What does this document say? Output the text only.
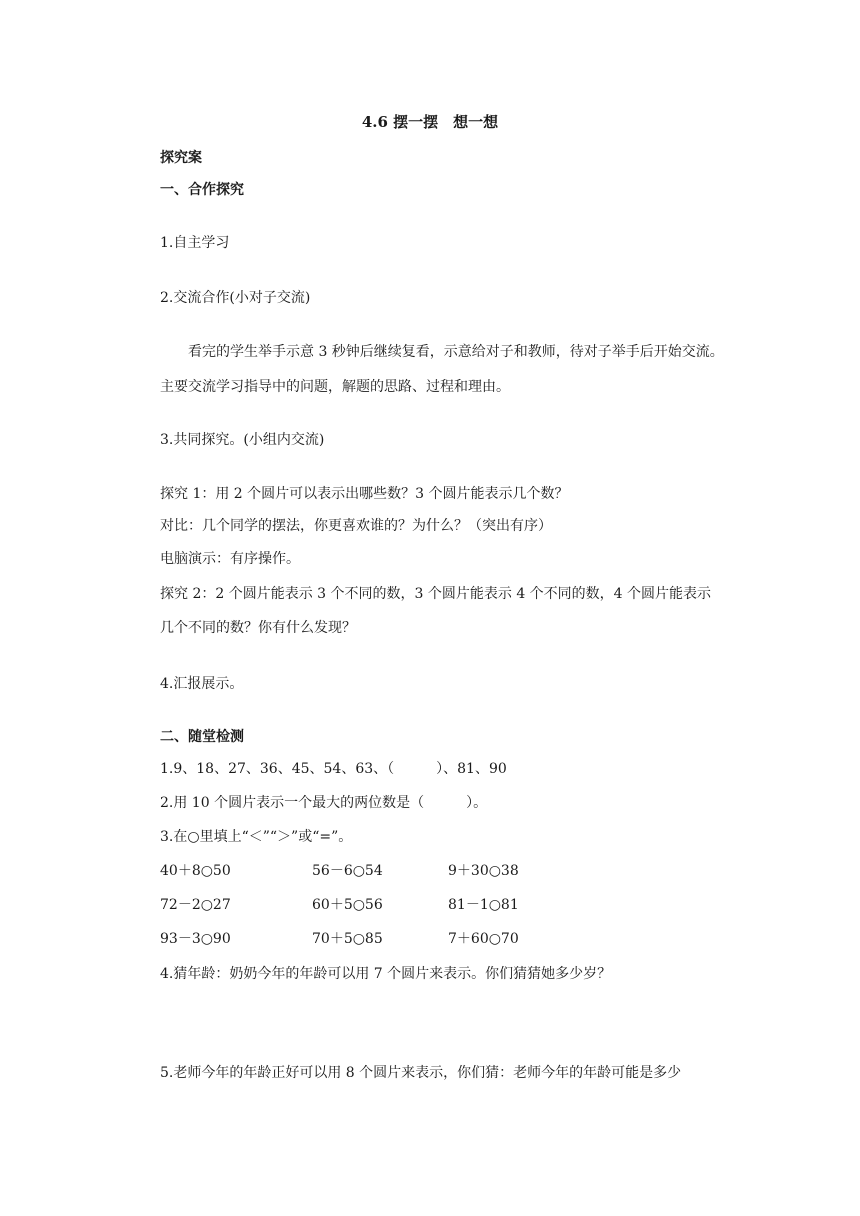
4.6 摆一摆　想一想
探究案
一、合作探究
1.自主学习
2.交流合作(小对子交流)
看完的学生举手示意 3 秒钟后继续复看，示意给对子和教师，待对子举手后开始交流。
主要交流学习指导中的问题，解题的思路、过程和理由。
3.共同探究。(小组内交流)
探究 1：用 2 个圆片可以表示出哪些数？3 个圆片能表示几个数？
对比：几个同学的摆法，你更喜欢谁的？为什么？（突出有序）
电脑演示：有序操作。
探究 2：2 个圆片能表示 3 个不同的数，3 个圆片能表示 4 个不同的数，4 个圆片能表示
几个不同的数？你有什么发现？
4.汇报展示。
二、随堂检测
1.9、18、27、36、45、54、63、（　　　）、81、90
2.用 10 个圆片表示一个最大的两位数是（　　　）。
3.在○里填上“＜”“＞”或“=”。
40＋8○50	56－6○54	9＋30○38
72－2○27	60＋5○56	81－1○81
93－3○90	70＋5○85	7＋60○70
4.猜年龄：奶奶今年的年龄可以用 7 个圆片来表示。你们猜猜她多少岁？
5.老师今年的年龄正好可以用 8 个圆片来表示，你们猜：老师今年的年龄可能是多少
